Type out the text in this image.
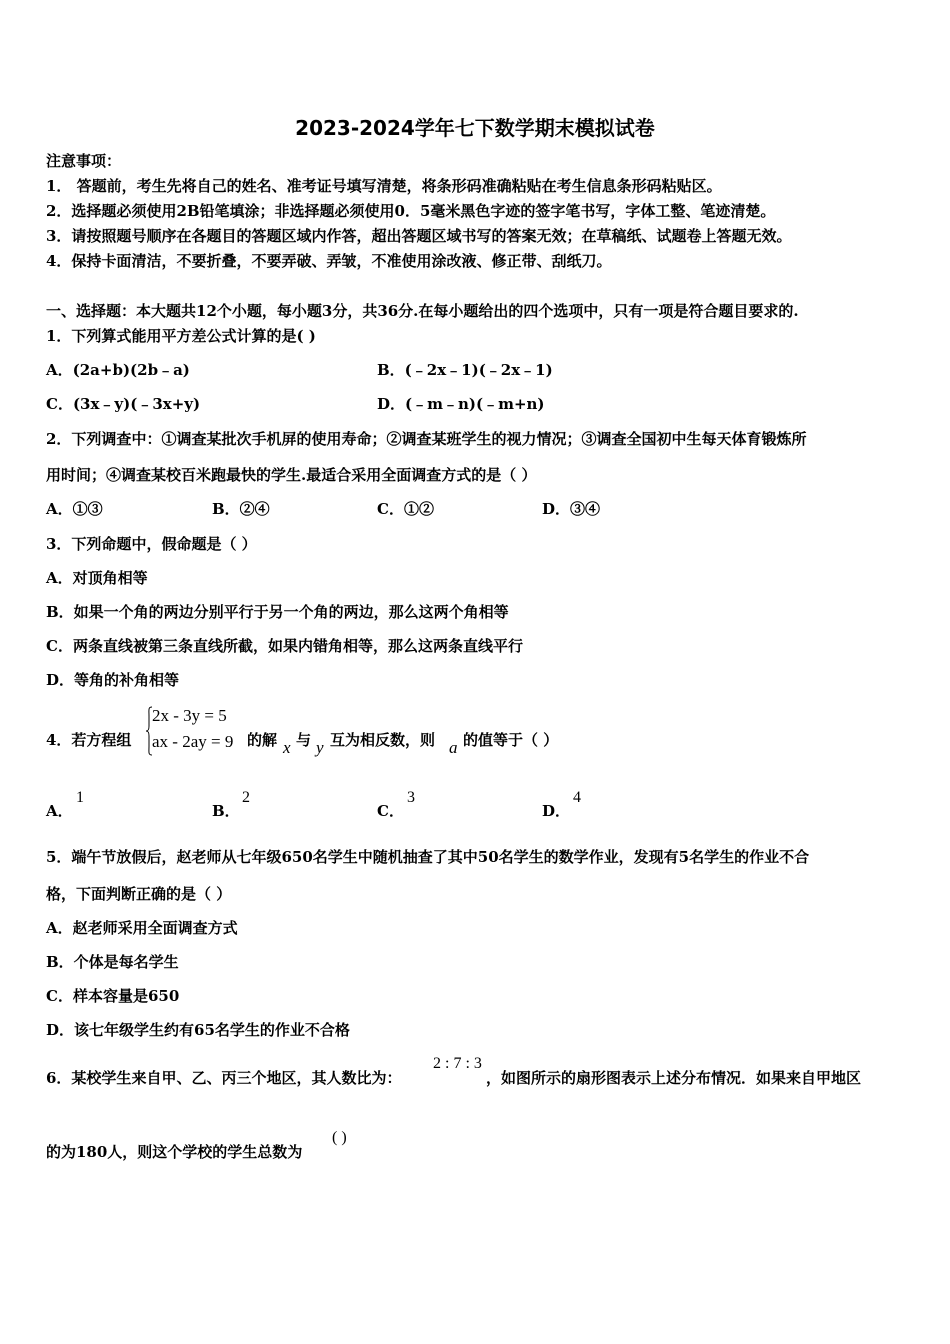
2023-2024学年七下数学期末模拟试卷
注意事项：
1． 答题前，考生先将自己的姓名、准考证号填写清楚，将条形码准确粘贴在考生信息条形码粘贴区。
2．选择题必须使用2B铅笔填涂；非选择题必须使用0．5毫米黑色字迹的签字笔书写，字体工整、笔迹清楚。
3．请按照题号顺序在各题目的答题区域内作答，超出答题区域书写的答案无效；在草稿纸、试题卷上答题无效。
4．保持卡面清洁，不要折叠，不要弄破、弄皱，不准使用涂改液、修正带、刮纸刀。
一、选择题：本大题共12个小题，每小题3分，共36分.在每小题给出的四个选项中，只有一项是符合题目要求的.
1．下列算式能用平方差公式计算的是( )
A．(2a+b)(2b﹣a)	B．(﹣2x﹣1)(﹣2x﹣1)
C．(3x﹣y)(﹣3x+y)	D．(﹣m﹣n)(﹣m+n)
2．下列调查中：①调查某批次手机屏的使用寿命；②调查某班学生的视力情况；③调查全国初中生每天体育锻炼所
用时间；④调查某校百米跑最快的学生.最适合采用全面调查方式的是（ ）
A．①③	B．②④	C．①②	D．③④
3．下列命题中，假命题是（ ）
A．对顶角相等
B．如果一个角的两边分别平行于另一个角的两边，那么这两个角相等
C．两条直线被第三条直线所截，如果内错角相等，那么这两条直线平行
D．等角的补角相等
4．若方程组
2x - 3y = 5
ax - 2ay = 9 的解 x 与 y 互为相反数，则 a 的值等于（ ）
A．
1
B．
2
C．
3
D．
4
5．端午节放假后，赵老师从七年级650名学生中随机抽查了其中50名学生的数学作业，发现有5名学生的作业不合
格，下面判断正确的是（ ）
A．赵老师采用全面调查方式
B．个体是每名学生
C．样本容量是650
D．该七年级学生约有65名学生的作业不合格
6．某校学生来自甲、乙、丙三个地区，其人数比为：
2 : 7 : 3
，如图所示的扇形图表示上述分布情况．如果来自甲地区
的为180人，则这个学校的学生总数为
( )
